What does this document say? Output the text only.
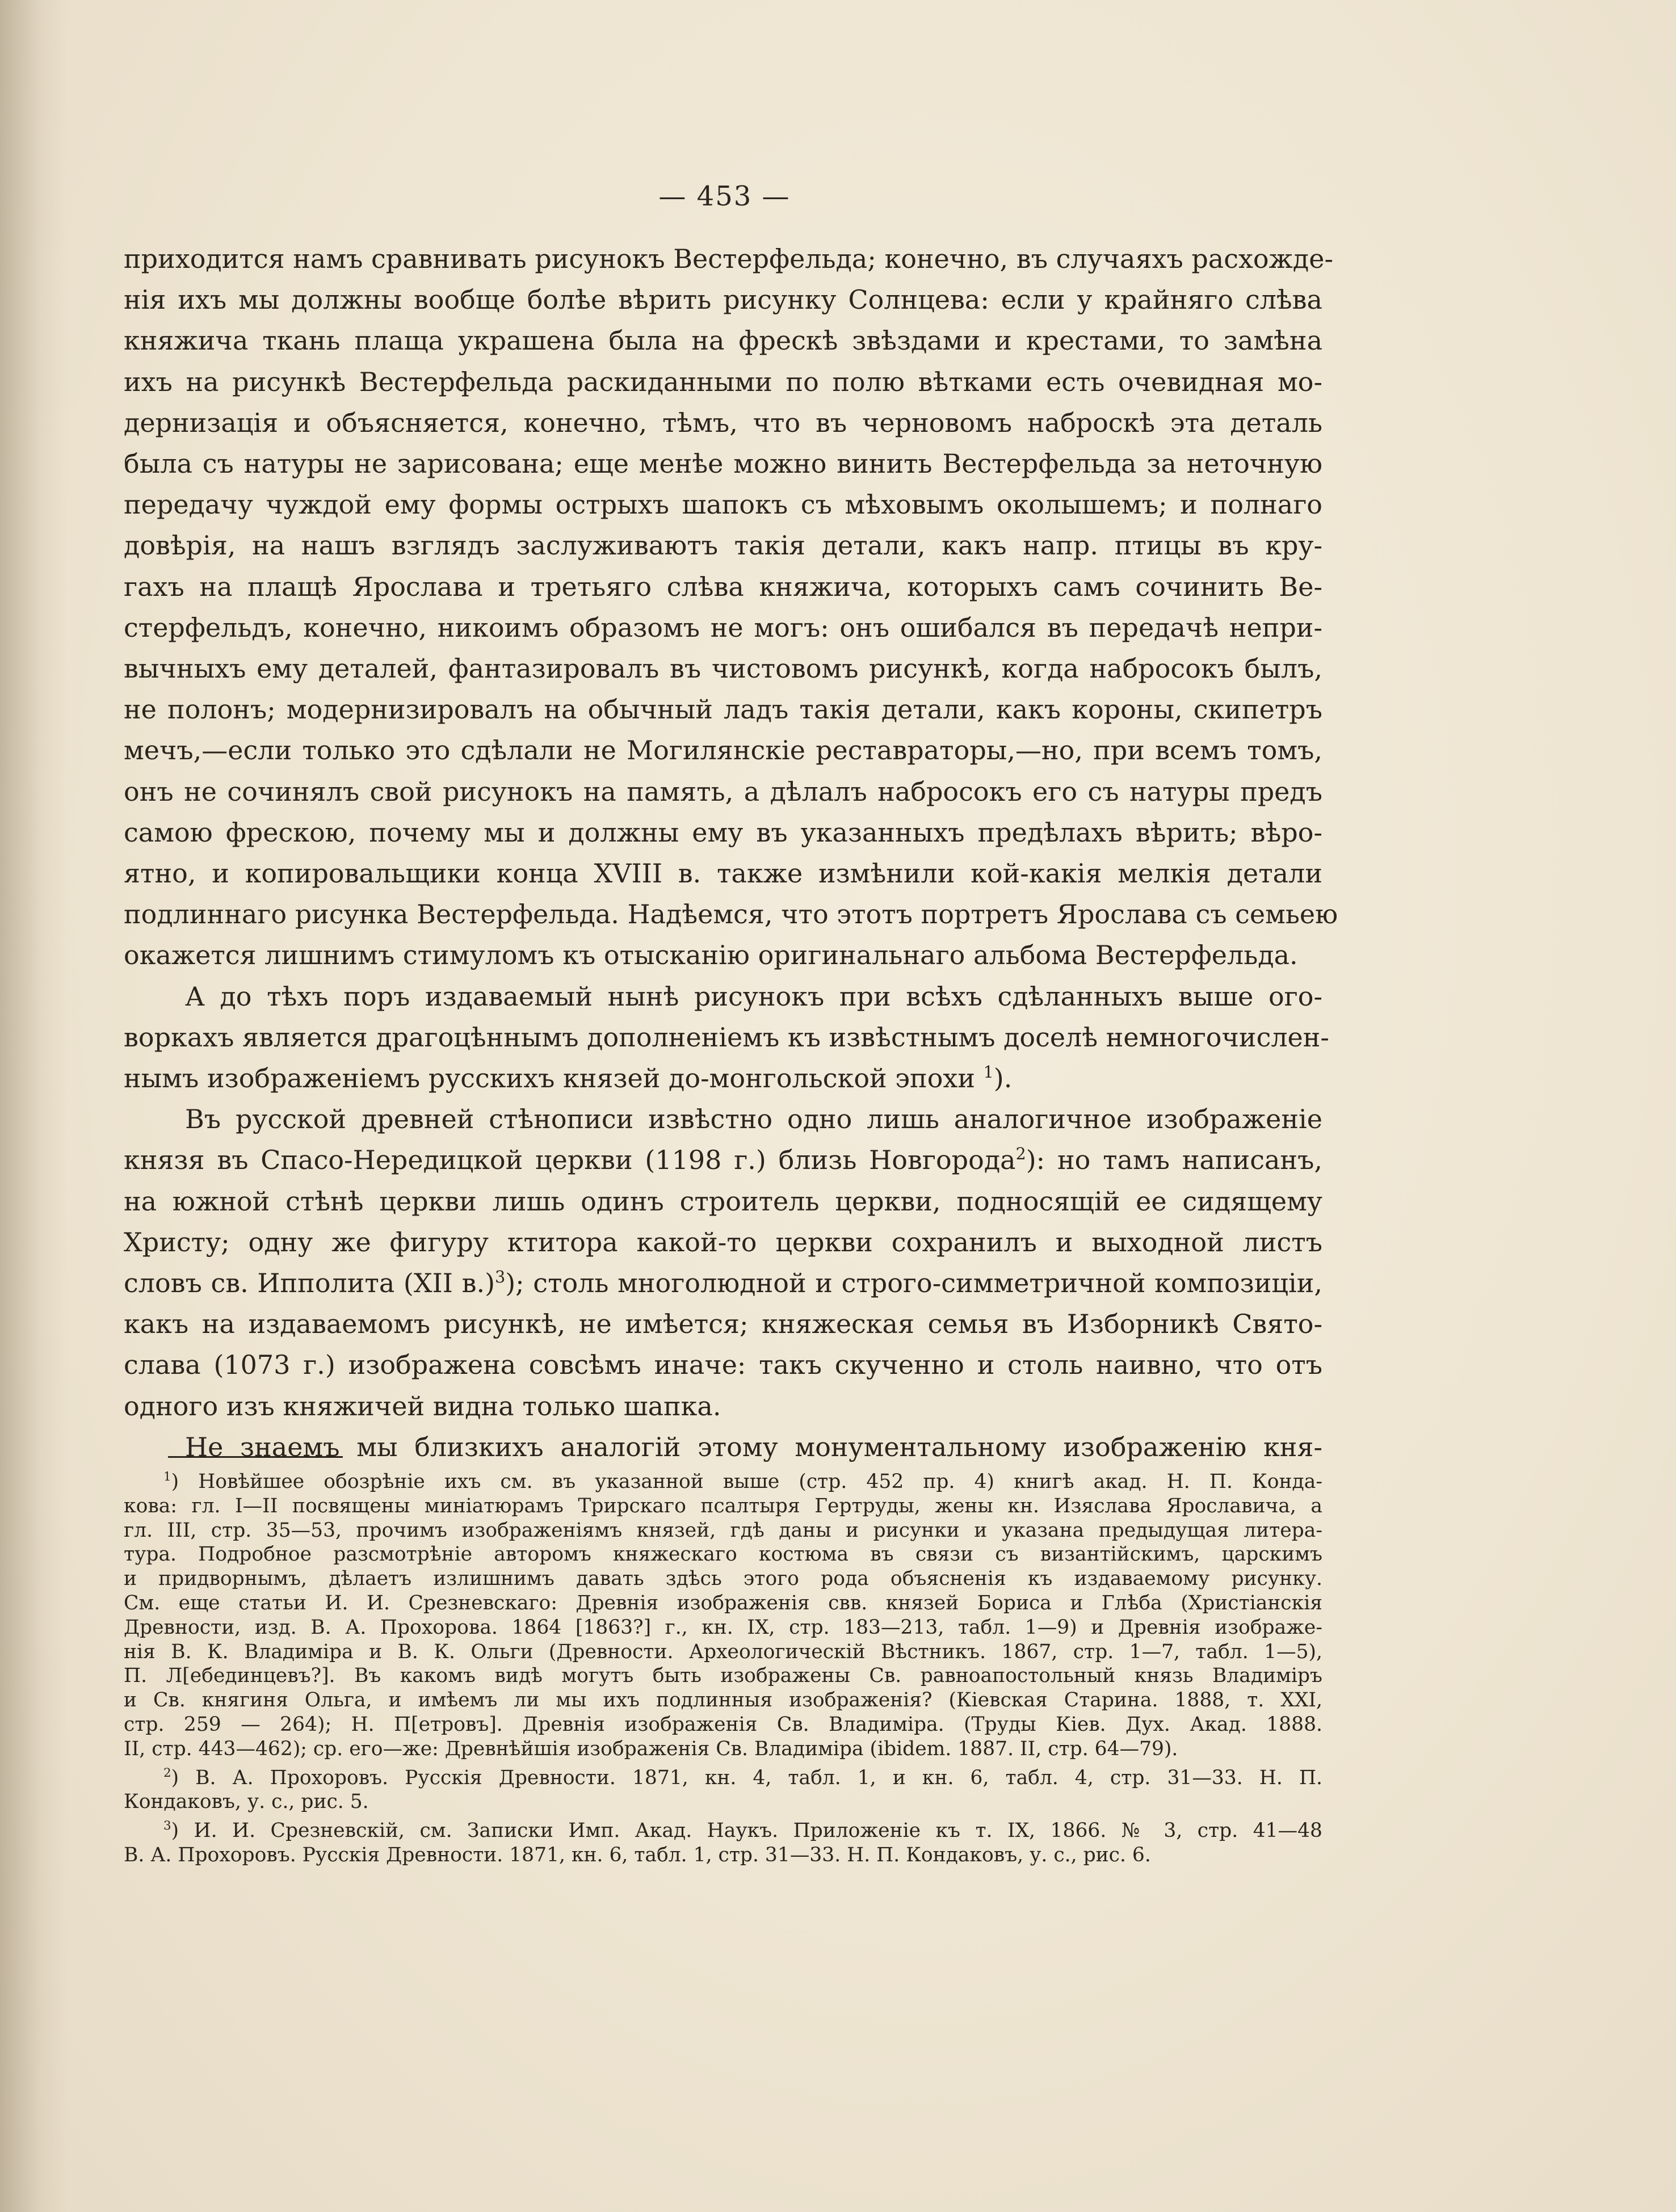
— 453 —
приходится намъ сравнивать рисунокъ Вестерфельда; конечно, въ случаяхъ расхожде-
нія ихъ мы должны вообще болѣе вѣрить рисунку Солнцева: если у крайняго слѣва
княжича ткань плаща украшена была на фрескѣ звѣздами и крестами, то замѣна
ихъ на рисункѣ Вестерфельда раскиданными по полю вѣтками есть очевидная мо-
дернизація и объясняется, конечно, тѣмъ, что въ черновомъ наброскѣ эта деталь
была съ натуры не зарисована; еще менѣе можно винить Вестерфельда за неточную
передачу чуждой ему формы острыхъ шапокъ съ мѣховымъ околышемъ; и полнаго
довѣрія, на нашъ взглядъ заслуживаютъ такія детали, какъ напр. птицы въ кру-
гахъ на плащѣ Ярослава и третьяго слѣва княжича, которыхъ самъ сочинить Ве-
стерфельдъ, конечно, никоимъ образомъ не могъ: онъ ошибался въ передачѣ непри-
вычныхъ ему деталей, фантазировалъ въ чистовомъ рисункѣ, когда набросокъ былъ,
не полонъ; модернизировалъ на обычный ладъ такія детали, какъ короны, скипетръ
мечъ,—если только это сдѣлали не Могилянскіе реставраторы,—но, при всемъ томъ,
онъ не сочинялъ свой рисунокъ на память, а дѣлалъ набросокъ его съ натуры предъ
самою фрескою, почему мы и должны ему въ указанныхъ предѣлахъ вѣрить; вѣро-
ятно, и копировальщики конца XVIII в. также измѣнили кой-какія мелкія детали
подлиннаго рисунка Вестерфельда. Надѣемся, что этотъ портретъ Ярослава съ семьею
окажется лишнимъ стимуломъ къ отысканію оригинальнаго альбома Вестерфельда.
А до тѣхъ поръ издаваемый нынѣ рисунокъ при всѣхъ сдѣланныхъ выше ого-
воркахъ является драгоцѣннымъ дополненіемъ къ извѣстнымъ доселѣ немногочислен-
нымъ изображеніемъ русскихъ князей до-монгольской эпохи $^1$).
Въ русской древней стѣнописи извѣстно одно лишь аналогичное изображеніе
князя въ Спасо-Нередицкой церкви (1198 г.) близь Новгорода$^2$): но тамъ написанъ,
на южной стѣнѣ церкви лишь одинъ строитель церкви, подносящій ее сидящему
Христу; одну же фигуру ктитора какой-то церкви сохранилъ и выходной листъ
словъ св. Ипполита (XII в.)$^3$); столь многолюдной и строго-симметричной композиціи,
какъ на издаваемомъ рисункѣ, не имѣется; княжеская семья въ Изборникѣ Свято-
слава (1073 г.) изображена совсѣмъ иначе: такъ скученно и столь наивно, что отъ
одного изъ княжичей видна только шапка.
Не знаемъ мы близкихъ аналогій этому монументальному изображенію кня-
$^1$) Новѣйшее обозрѣніе ихъ см. въ указанной выше (стр. 452 пр. 4) книгѣ акад. Н. П. Конда-
кова: гл. I—II посвящены миніатюрамъ Трирскаго псалтыря Гертруды, жены кн. Изяслава Ярославича, а
гл. III, стр. 35—53, прочимъ изображеніямъ князей, гдѣ даны и рисунки и указана предыдущая литера-
тура. Подробное разсмотрѣніе авторомъ княжескаго костюма въ связи съ византійскимъ, царскимъ
и придворнымъ, дѣлаетъ излишнимъ давать здѣсь этого рода объясненія къ издаваемому рисунку.
См. еще статьи И. И. Срезневскаго: Древнія изображенія свв. князей Бориса и Глѣба (Христіанскія
Древности, изд. В. А. Прохорова. 1864 [1863?] г., кн. IX, стр. 183—213, табл. 1—9) и Древнія изображе-
нія В. К. Владиміра и В. К. Ольги (Древности. Археологическій Вѣстникъ. 1867, стр. 1—7, табл. 1—5),
П. Л[ебединцевъ?]. Въ какомъ видѣ могутъ быть изображены Св. равноапостольный князь Владиміръ
и Св. княгиня Ольга, и имѣемъ ли мы ихъ подлинныя изображенія? (Кіевская Старина. 1888, т. XXI,
стр. 259 — 264); Н. П[етровъ]. Древнія изображенія Св. Владиміра. (Труды Кіев. Дух. Акад. 1888.
II, стр. 443—462); ср. его—же: Древнѣйшія изображенія Св. Владиміра (ibidem. 1887. II, стр. 64—79).
$^2$) В. А. Прохоровъ. Русскія Древности. 1871, кн. 4, табл. 1, и кн. 6, табл. 4, стр. 31—33. Н. П.
Кондаковъ, у. с., рис. 5.
$^3$) И. И. Срезневскій, см. Записки Имп. Акад. Наукъ. Приложеніе къ т. IX, 1866. № 3, стр. 41—48
В. А. Прохоровъ. Русскія Древности. 1871, кн. 6, табл. 1, стр. 31—33. Н. П. Кондаковъ, у. с., рис. 6.
